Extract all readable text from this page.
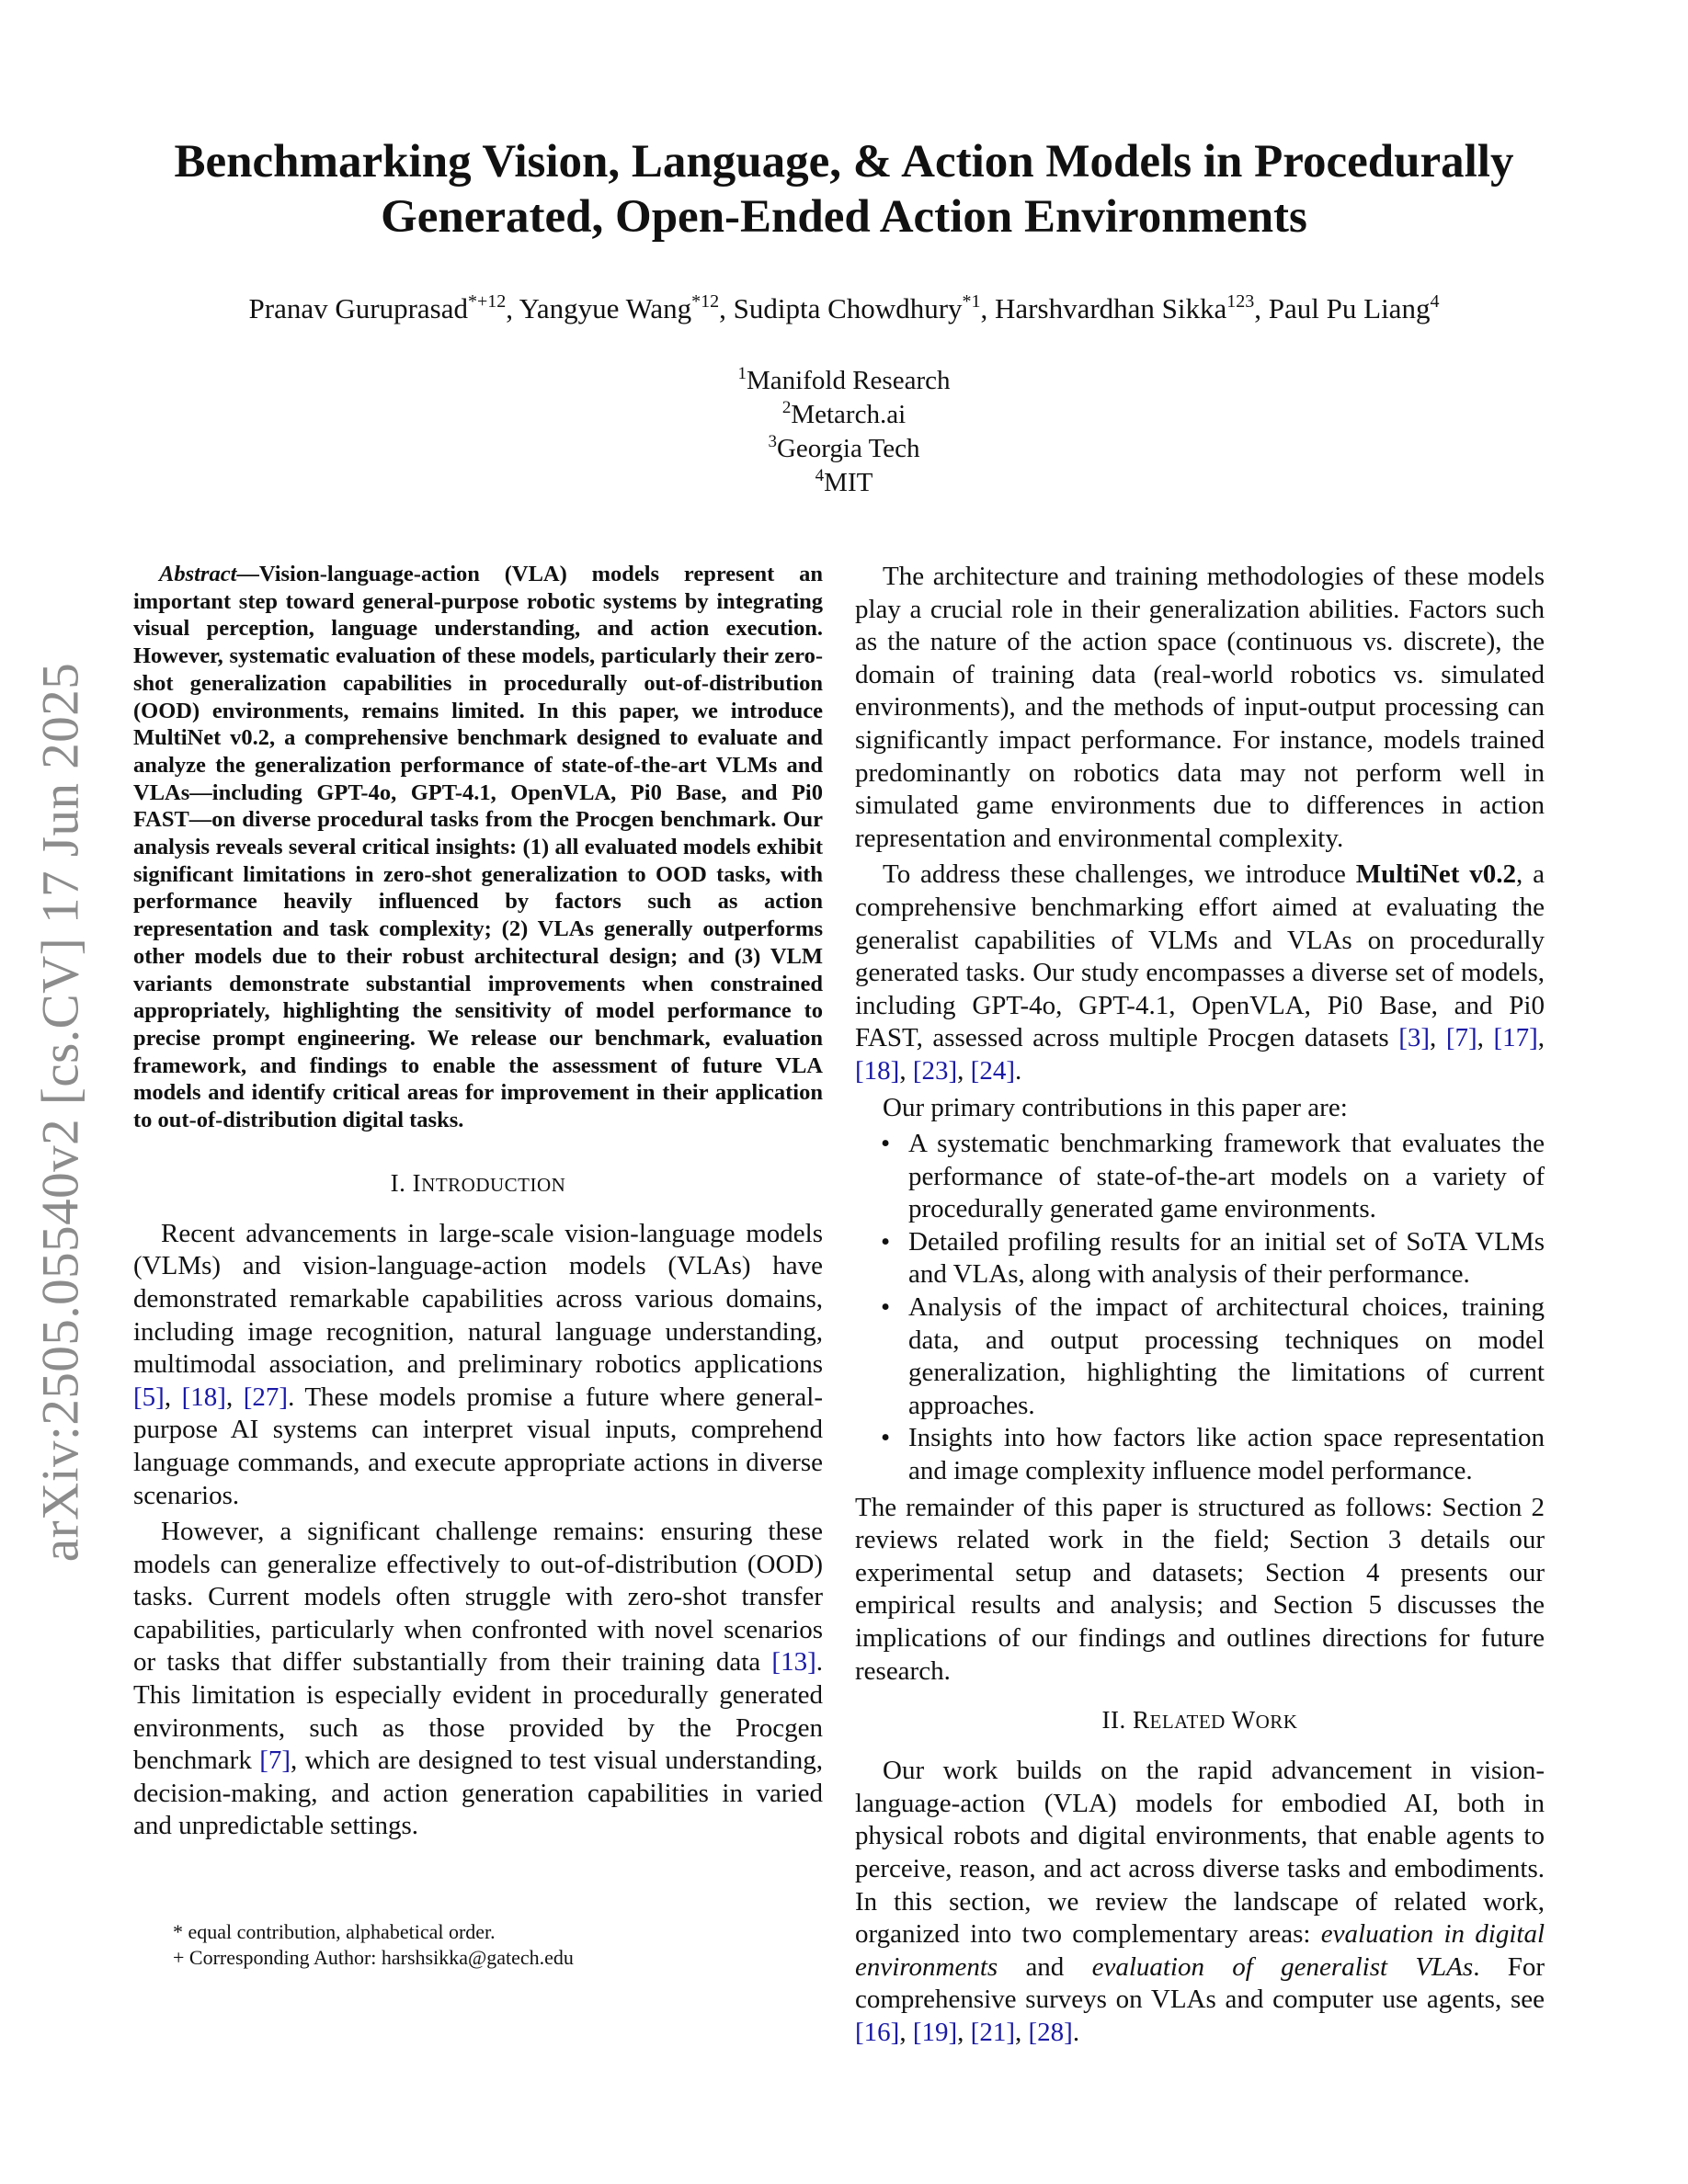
arXiv:2505.05540v2 [cs.CV] 17 Jun 2025
Benchmarking Vision, Language, & Action Models in Procedurally Generated, Open-Ended Action Environments
Pranav Guruprasad$^{*+12}$, Yangyue Wang$^{*12}$, Sudipta Chowdhury$^{*1}$, Harshvardhan Sikka$^{123}$, Paul Pu Liang$^4$
$^1$Manifold Research
$^2$Metarch.ai
$^3$Georgia Tech
$^4$MIT

Abstract—Vision-language-action (VLA) models represent an important step toward general-purpose robotic systems by integrating visual perception, language understanding, and action execution. However, systematic evaluation of these models, particularly their zero-shot generalization capabilities in procedurally out-of-distribution (OOD) environments, remains limited. In this paper, we introduce MultiNet v0.2, a comprehensive benchmark designed to evaluate and analyze the generalization performance of state-of-the-art VLMs and VLAs—including GPT-4o, GPT-4.1, OpenVLA, Pi0 Base, and Pi0 FAST—on diverse procedural tasks from the Procgen benchmark. Our analysis reveals several critical insights: (1) all evaluated models exhibit significant limitations in zero-shot generalization to OOD tasks, with performance heavily influenced by factors such as action representation and task complexity; (2) VLAs generally outperforms other models due to their robust architectural design; and (3) VLM variants demonstrate substantial improvements when constrained appropriately, highlighting the sensitivity of model performance to precise prompt engineering. We release our benchmark, evaluation framework, and findings to enable the assessment of future VLA models and identify critical areas for improvement in their application to out-of-distribution digital tasks.

I. INTRODUCTION

Recent advancements in large-scale vision-language models (VLMs) and vision-language-action models (VLAs) have demonstrated remarkable capabilities across various domains, including image recognition, natural language understanding, multimodal association, and preliminary robotics applications [5], [18], [27]. These models promise a future where general-purpose AI systems can interpret visual inputs, comprehend language commands, and execute appropriate actions in diverse scenarios.

However, a significant challenge remains: ensuring these models can generalize effectively to out-of-distribution (OOD) tasks. Current models often struggle with zero-shot transfer capabilities, particularly when confronted with novel scenarios or tasks that differ substantially from their training data [13]. This limitation is especially evident in procedurally generated environments, such as those provided by the Procgen benchmark [7], which are designed to test visual understanding, decision-making, and action generation capabilities in varied and unpredictable settings.

* equal contribution, alphabetical order.
+ Corresponding Author: harshsikka@gatech.edu

The architecture and training methodologies of these models play a crucial role in their generalization abilities. Factors such as the nature of the action space (continuous vs. discrete), the domain of training data (real-world robotics vs. simulated environments), and the methods of input-output processing can significantly impact performance. For instance, models trained predominantly on robotics data may not perform well in simulated game environments due to differences in action representation and environmental complexity.

To address these challenges, we introduce MultiNet v0.2, a comprehensive benchmarking effort aimed at evaluating the generalist capabilities of VLMs and VLAs on procedurally generated tasks. Our study encompasses a diverse set of models, including GPT-4o, GPT-4.1, OpenVLA, Pi0 Base, and Pi0 FAST, assessed across multiple Procgen datasets [3], [7], [17], [18], [23], [24].

Our primary contributions in this paper are:

• A systematic benchmarking framework that evaluates the performance of state-of-the-art models on a variety of procedurally generated game environments.
• Detailed profiling results for an initial set of SoTA VLMs and VLAs, along with analysis of their performance.
• Analysis of the impact of architectural choices, training data, and output processing techniques on model generalization, highlighting the limitations of current approaches.
• Insights into how factors like action space representation and image complexity influence model performance.

The remainder of this paper is structured as follows: Section 2 reviews related work in the field; Section 3 details our experimental setup and datasets; Section 4 presents our empirical results and analysis; and Section 5 discusses the implications of our findings and outlines directions for future research.

II. RELATED WORK

Our work builds on the rapid advancement in vision-language-action (VLA) models for embodied AI, both in physical robots and digital environments, that enable agents to perceive, reason, and act across diverse tasks and embodiments. In this section, we review the landscape of related work, organized into two complementary areas: evaluation in digital environments and evaluation of generalist VLAs. For comprehensive surveys on VLAs and computer use agents, see [16], [19], [21], [28].
